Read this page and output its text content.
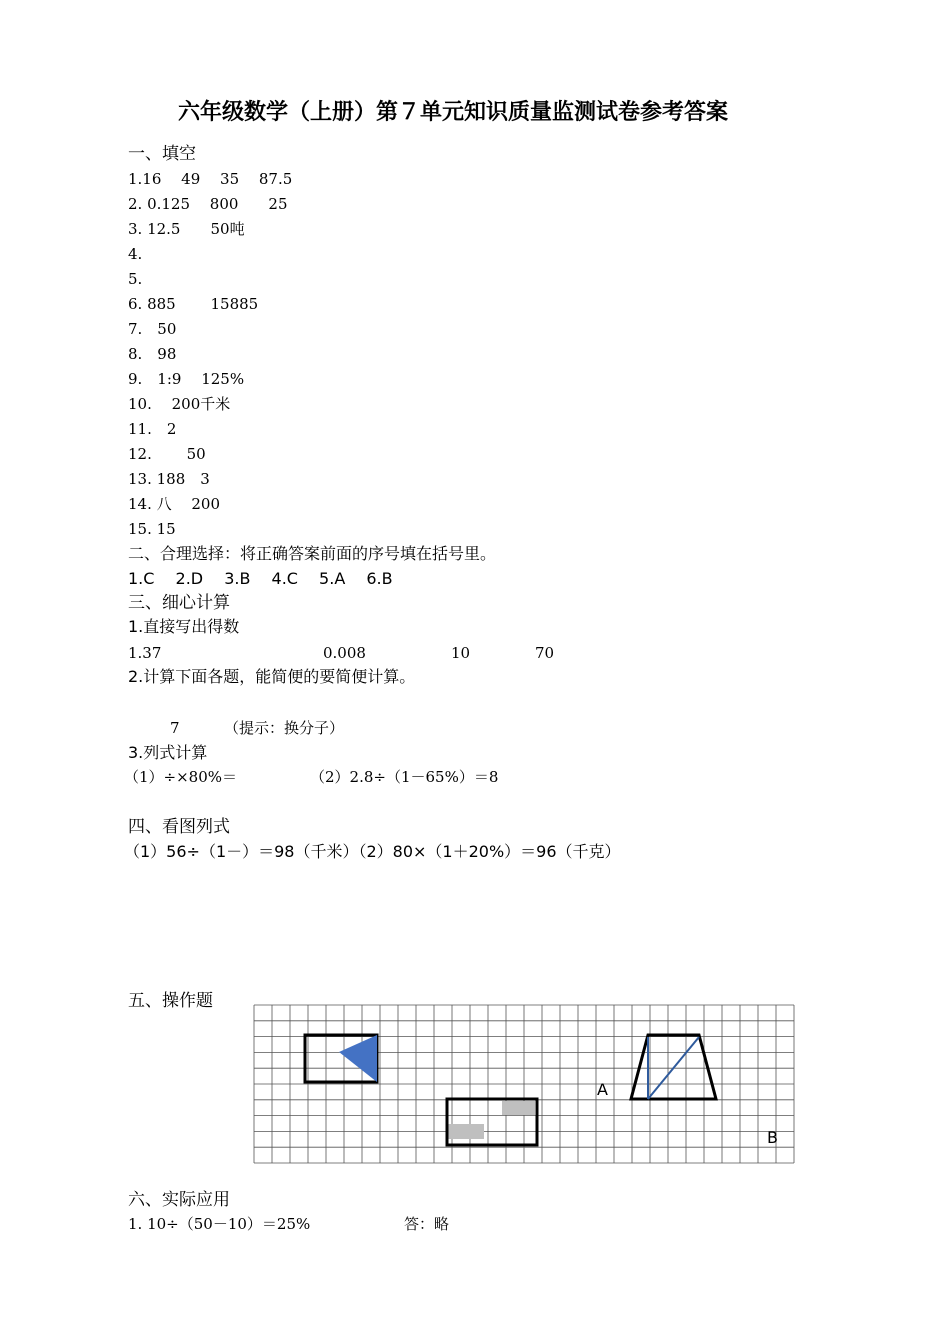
六年级数学（上册）第７单元知识质量监测试卷参考答案
一、填空
1.16　 49　 35　 87.5
2. 0.125　 800　　25
3. 12.5　　50吨
4.
5.
6. 885　　 15885
7.　50
8.　98
9.　1:9　 125%
10.　 200千米
11.　2
12.　　 50
13. 188　3
14. 八　 200
15. 15
二、合理选择：将正确答案前面的序号填在括号里。
1.C　 2.D　 3.B　 4.C　 5.A　 6.B
三、细心计算
1.直接写出得数
1.37	0.008	10	70
2.计算下面各题，能简便的要简便计算。
7	（提示：换分子）
3.列式计算
（1）÷×80%＝	（2）2.8÷（1－65%）＝8
四、看图列式
（1）56÷（1－）＝98（千米）（2）80×（1＋20%）＝96（千克）
五、操作题
A
B
六、实际应用
1. 10÷（50－10）＝25%	答：略
